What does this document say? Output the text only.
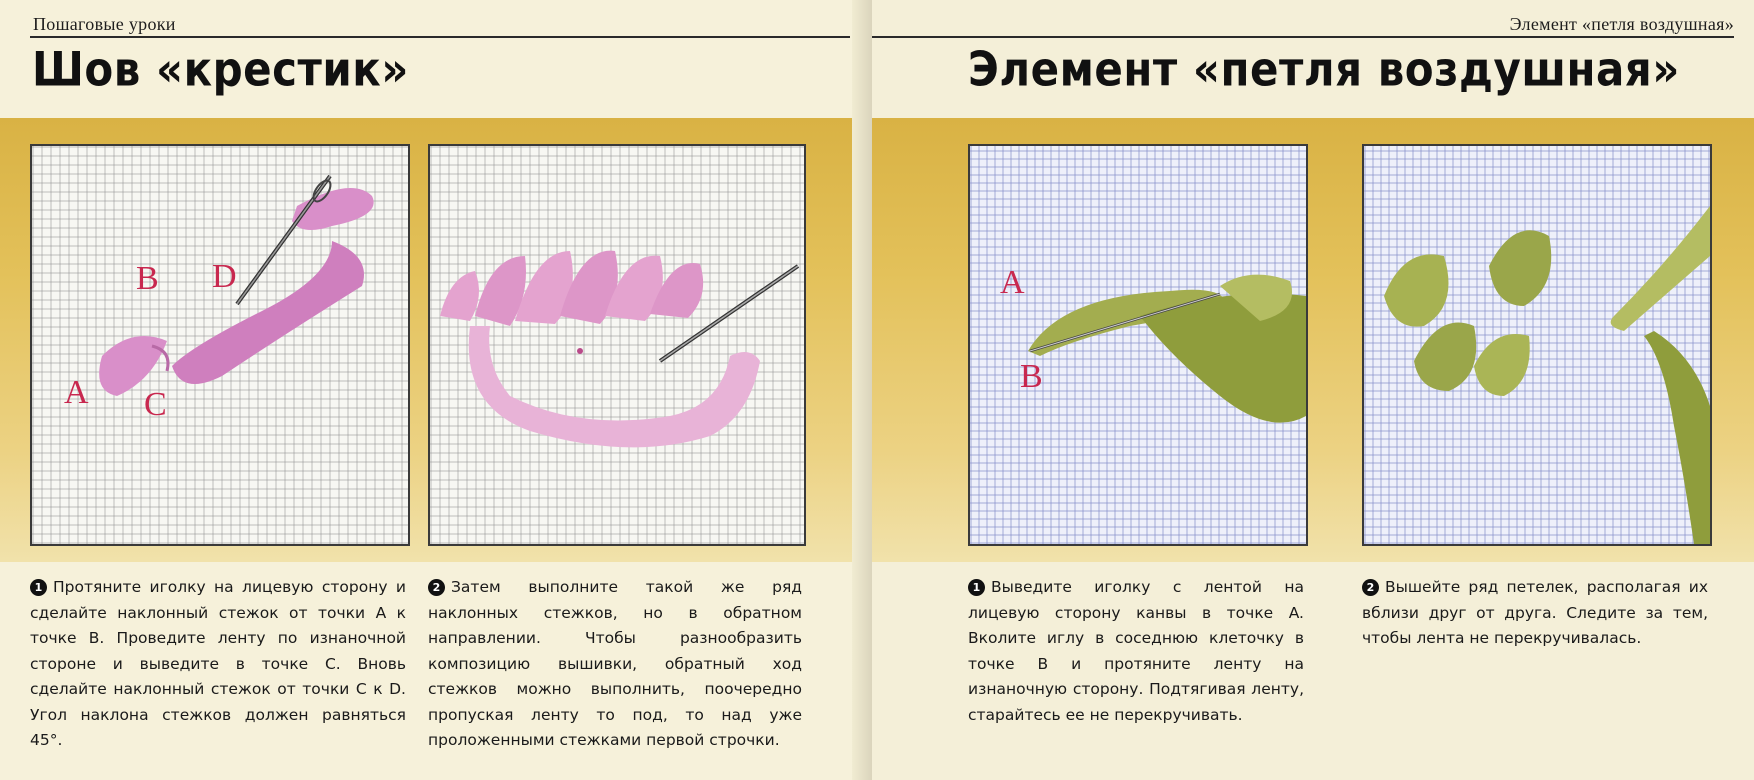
Пошаговые уроки
Шов «крестик»
B D
A C
1 Протяните иголку на лицевую сторону и сделайте наклонный стежок от точки A к точке B. Проведите ленту по изнаночной стороне и выведите в точке C. Вновь сделайте наклонный стежок от точки C к D. Угол наклона стежков должен равняться 45°.
2 Затем выполните такой же ряд наклонных стежков, но в обратном направлении. Чтобы разнообразить композицию вышивки, обратный ход стежков можно выполнить, поочередно пропуская ленту то под, то над уже проложенными стежками первой строчки.
Элемент «петля воздушная»
Элемент «петля воздушная»
A
B
1 Выведите иголку с лентой на лицевую сторону канвы в точке A. Вколите иглу в соседнюю клеточку в точке B и протяните ленту на изнаночную сторону. Подтягивая ленту, старайтесь ее не перекручивать.
2 Вышейте ряд петелек, располагая их вблизи друг от друга. Следите за тем, чтобы лента не перекручивалась.
